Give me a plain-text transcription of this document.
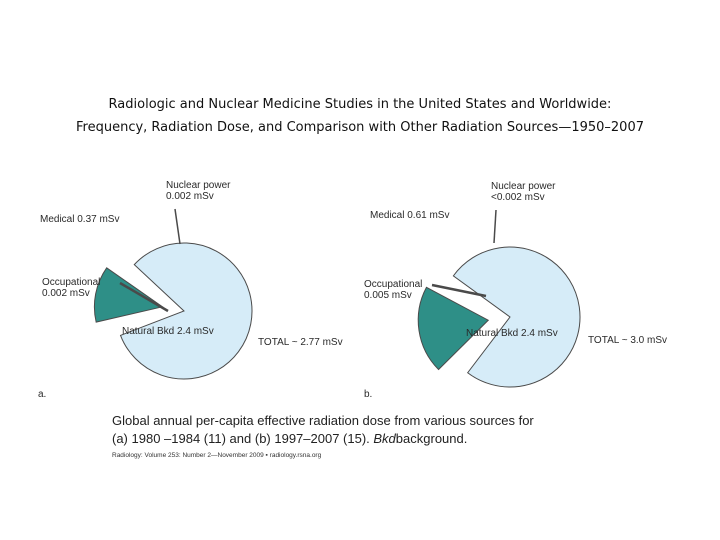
Radiologic and Nuclear Medicine Studies in the United States and Worldwide:
Frequency, Radiation Dose, and Comparison with Other Radiation Sources—1950–2007
Natural Bkd 2.4 mSv
Medical 0.37 mSv
Occupational 0.002 mSv
Nuclear power 0.002 mSv
TOTAL ~ 2.77 mSv
a.
Natural Bkd 2.4 mSv
Medical 0.61 mSv
Occupational 0.005 mSv
Nuclear power <0.002 mSv
TOTAL ~ 3.0 mSv
b.
Global annual per-capita effective radiation dose from various sources for
(a) 1980 –1984 (11) and (b) 1997–2007 (15). Bkdbackground.
Radiology: Volume 253: Number 2—November 2009 ▪ radiology.rsna.org
